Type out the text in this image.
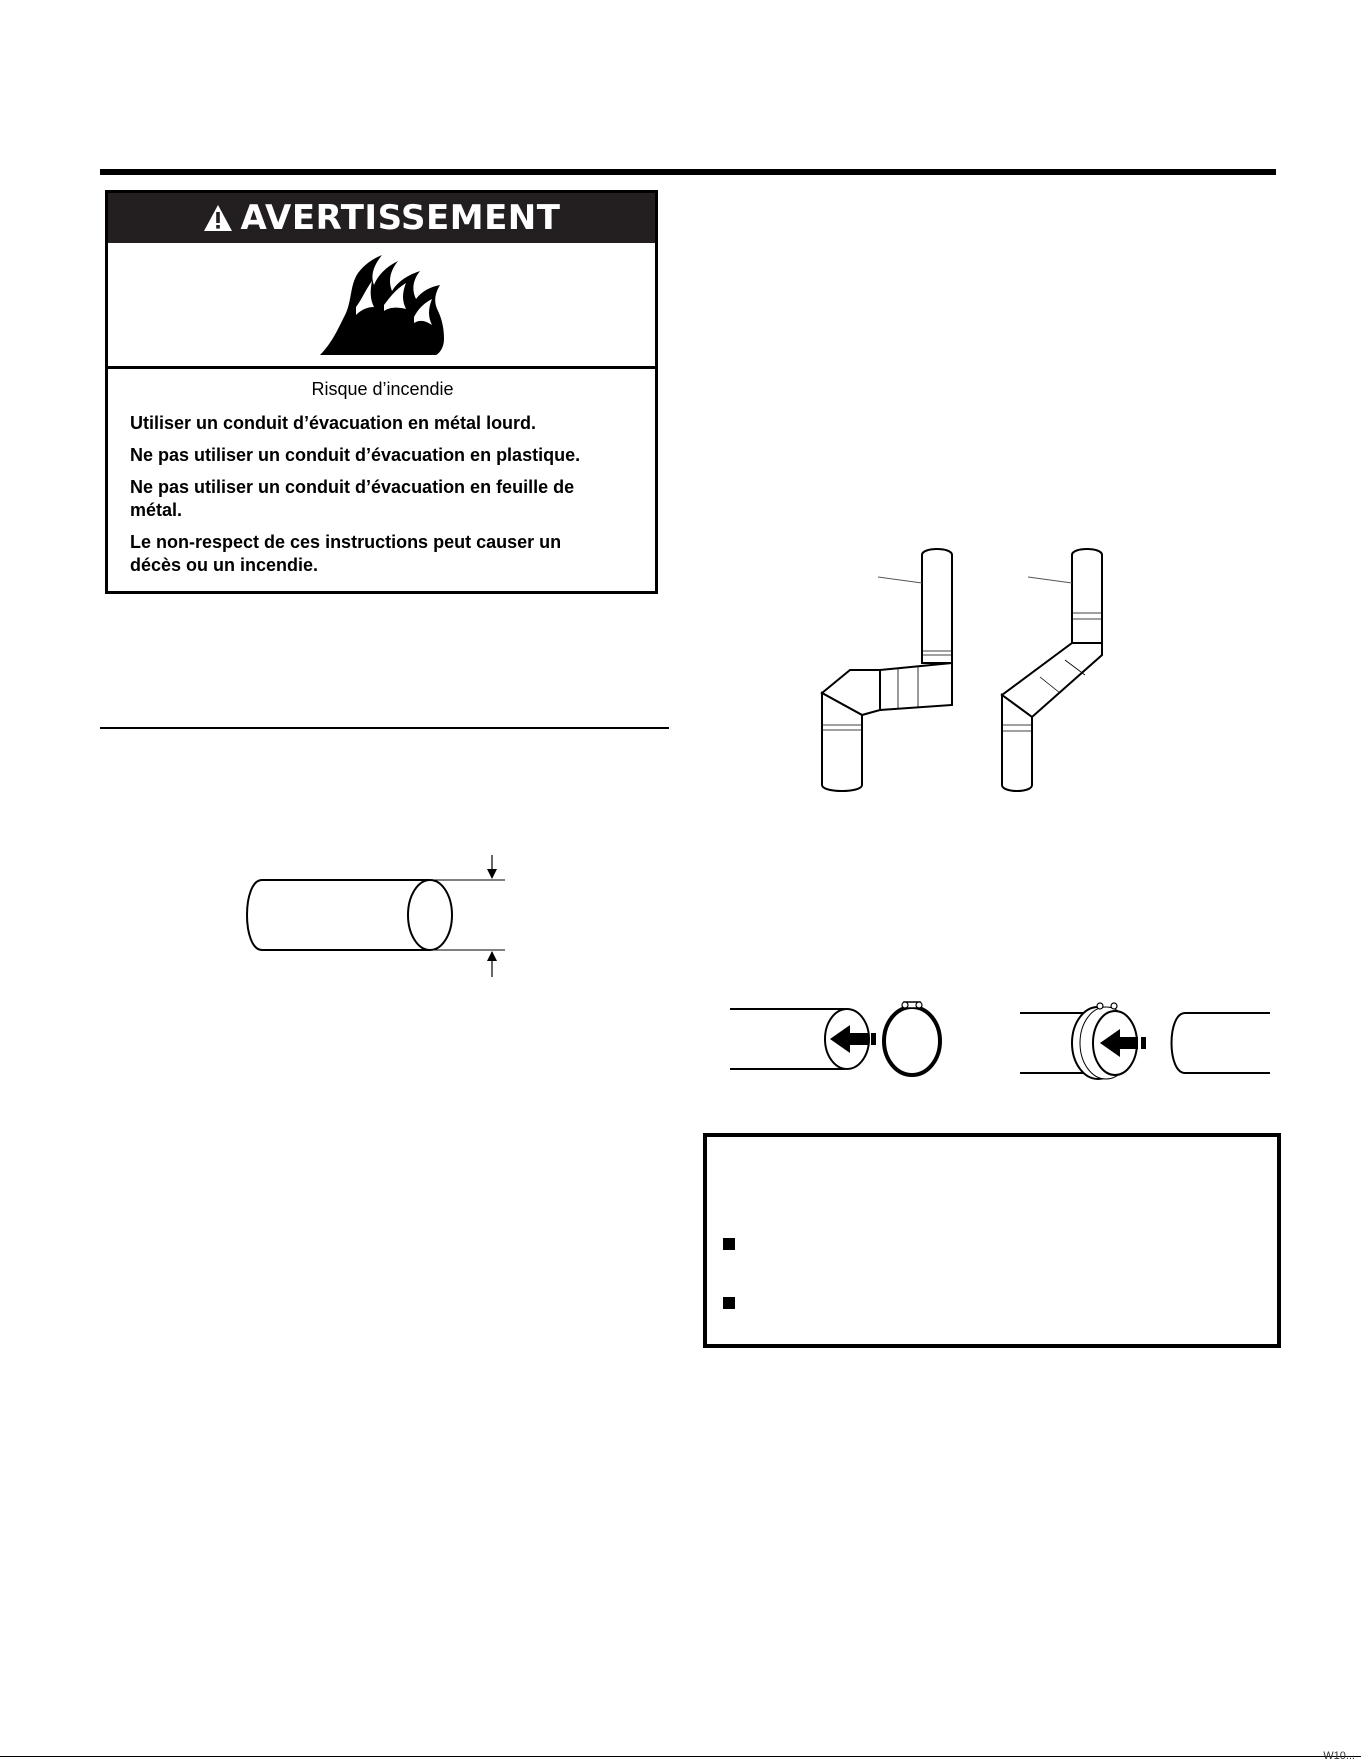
AVERTISSEMENT
Risque d’incendie
Utiliser un conduit d’évacuation en métal lourd.
Ne pas utiliser un conduit d’évacuation en plastique.
Ne pas utiliser un conduit d’évacuation en feuille de métal.
Le non-respect de ces instructions peut causer un décès ou un incendie.
W10...
